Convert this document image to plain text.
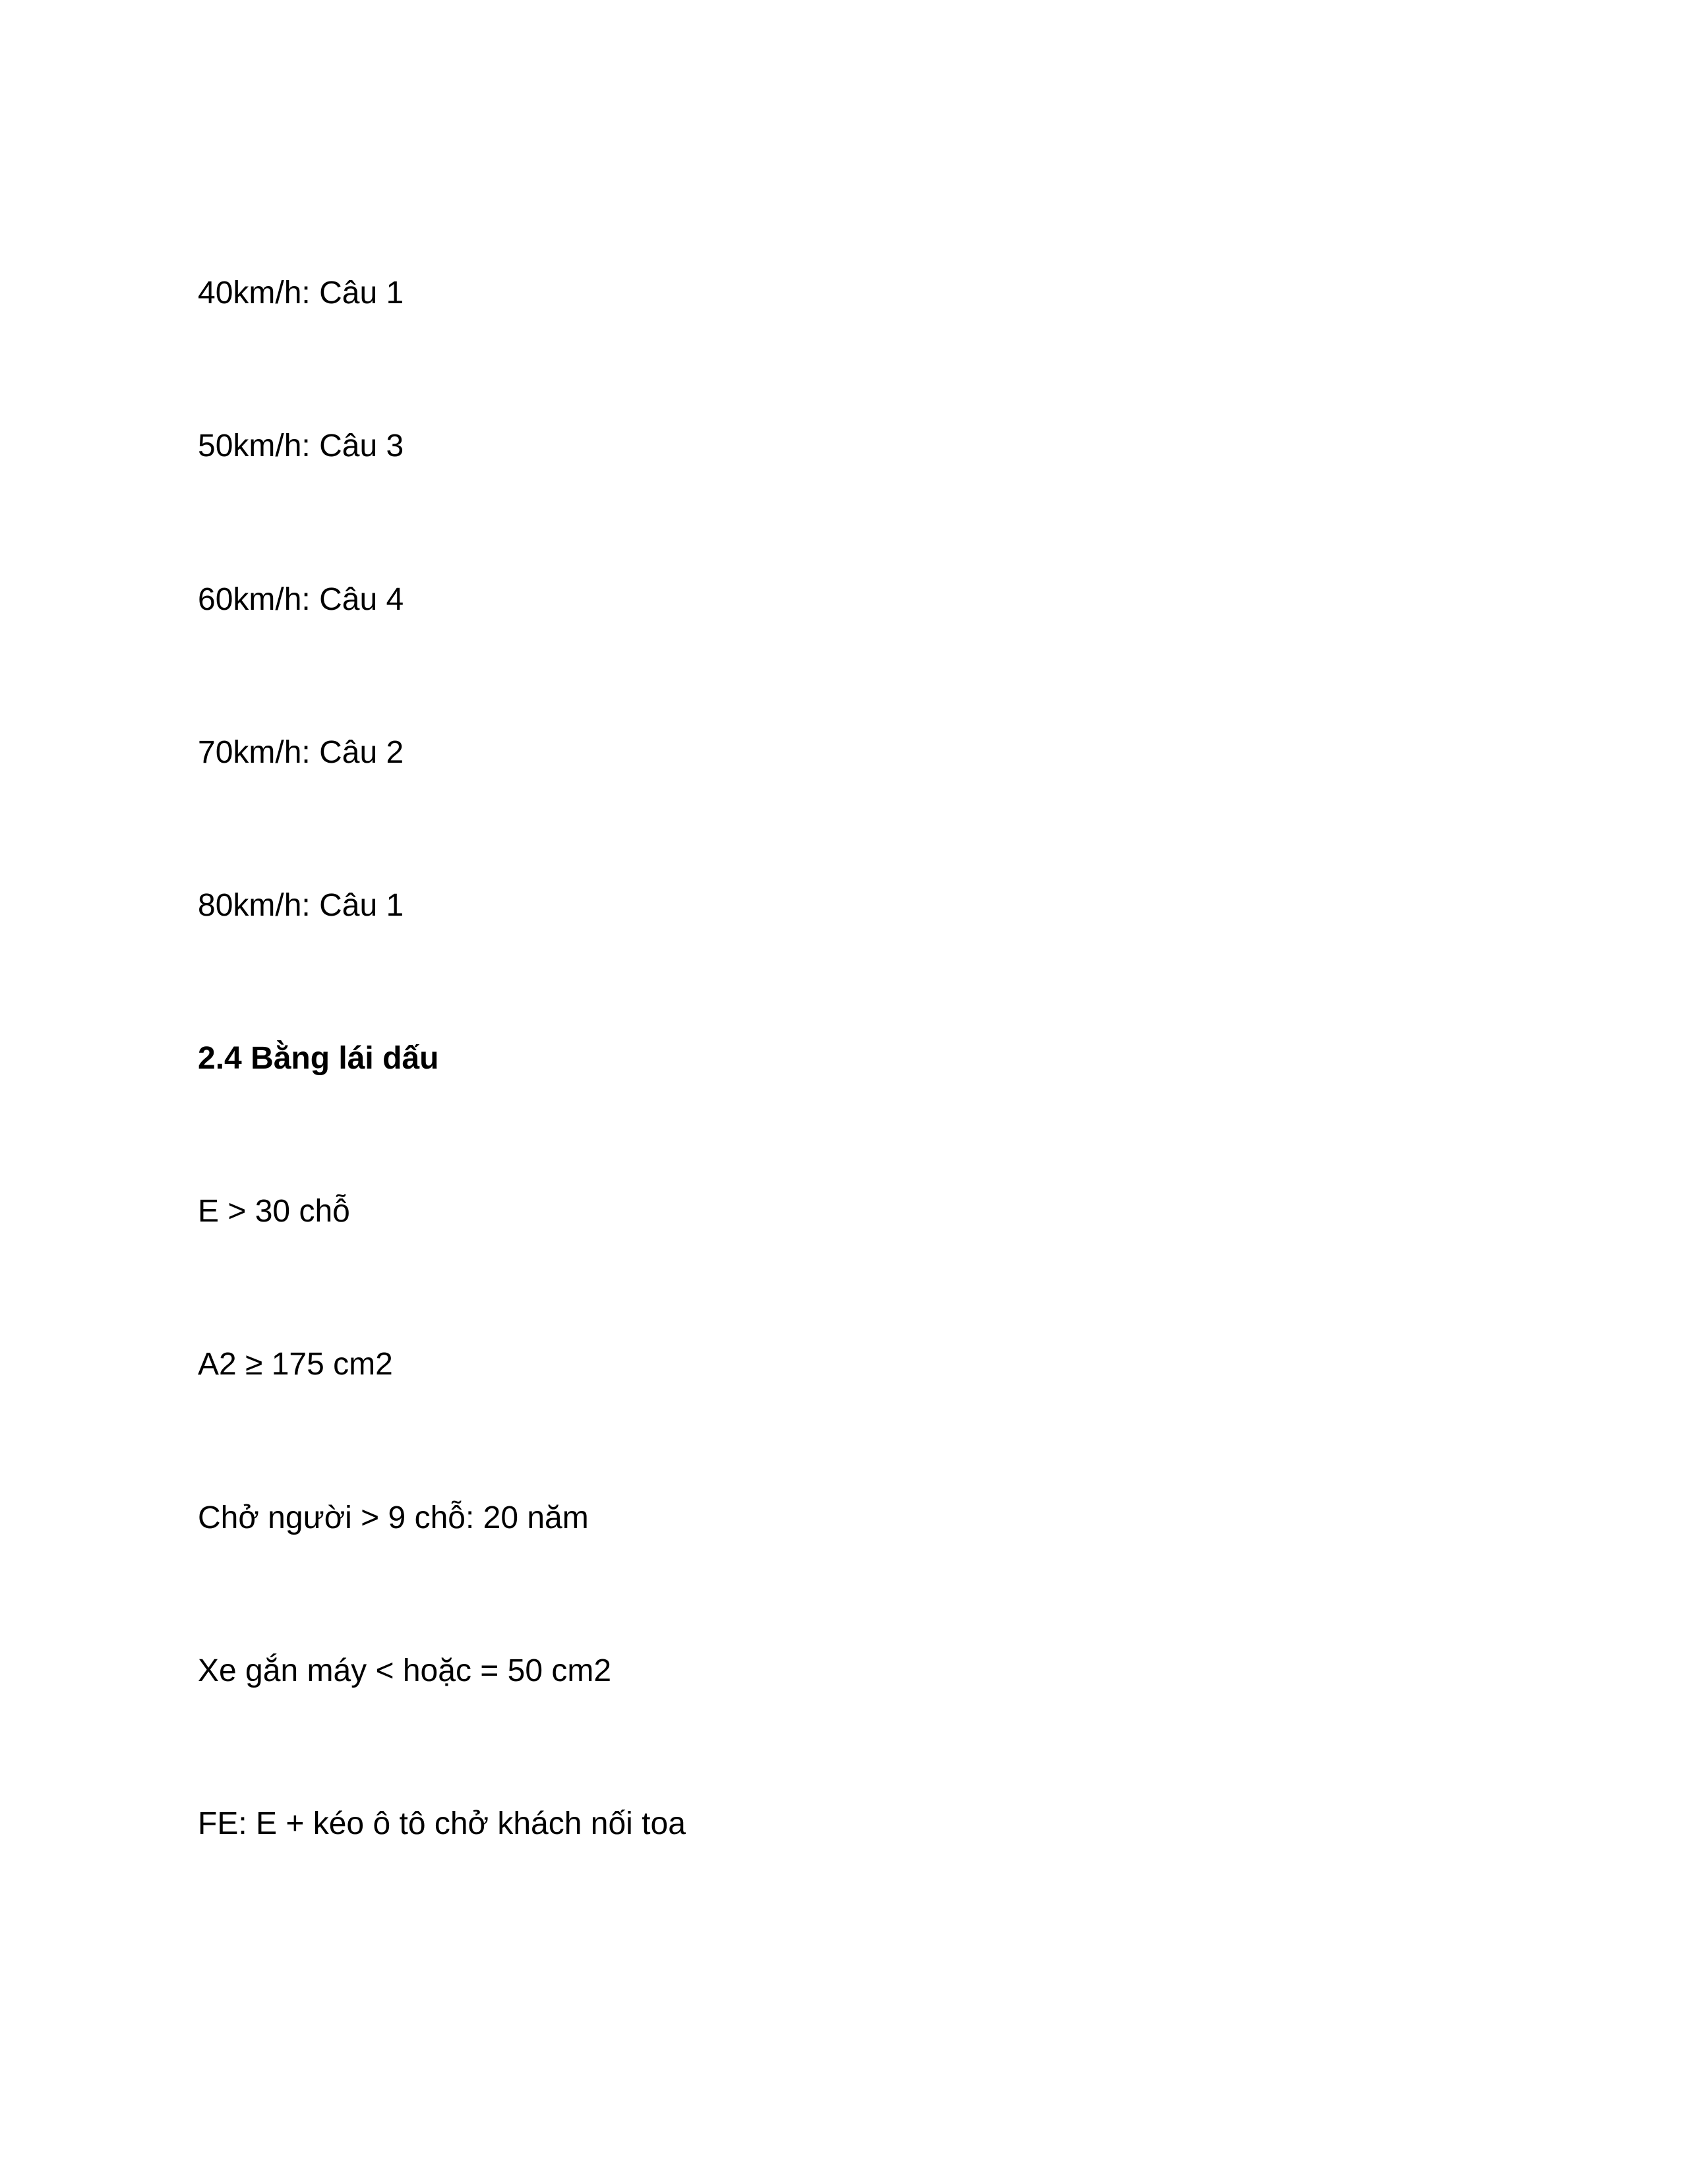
40km/h: Câu 1
50km/h: Câu 3
60km/h: Câu 4
70km/h: Câu 2
80km/h: Câu 1
2.4 Bằng lái dấu
E > 30 chỗ
A2 ≥ 175 cm2
Chở người > 9 chỗ: 20 năm
Xe gắn máy < hoặc = 50 cm2
FE: E + kéo ô tô chở khách nối toa
